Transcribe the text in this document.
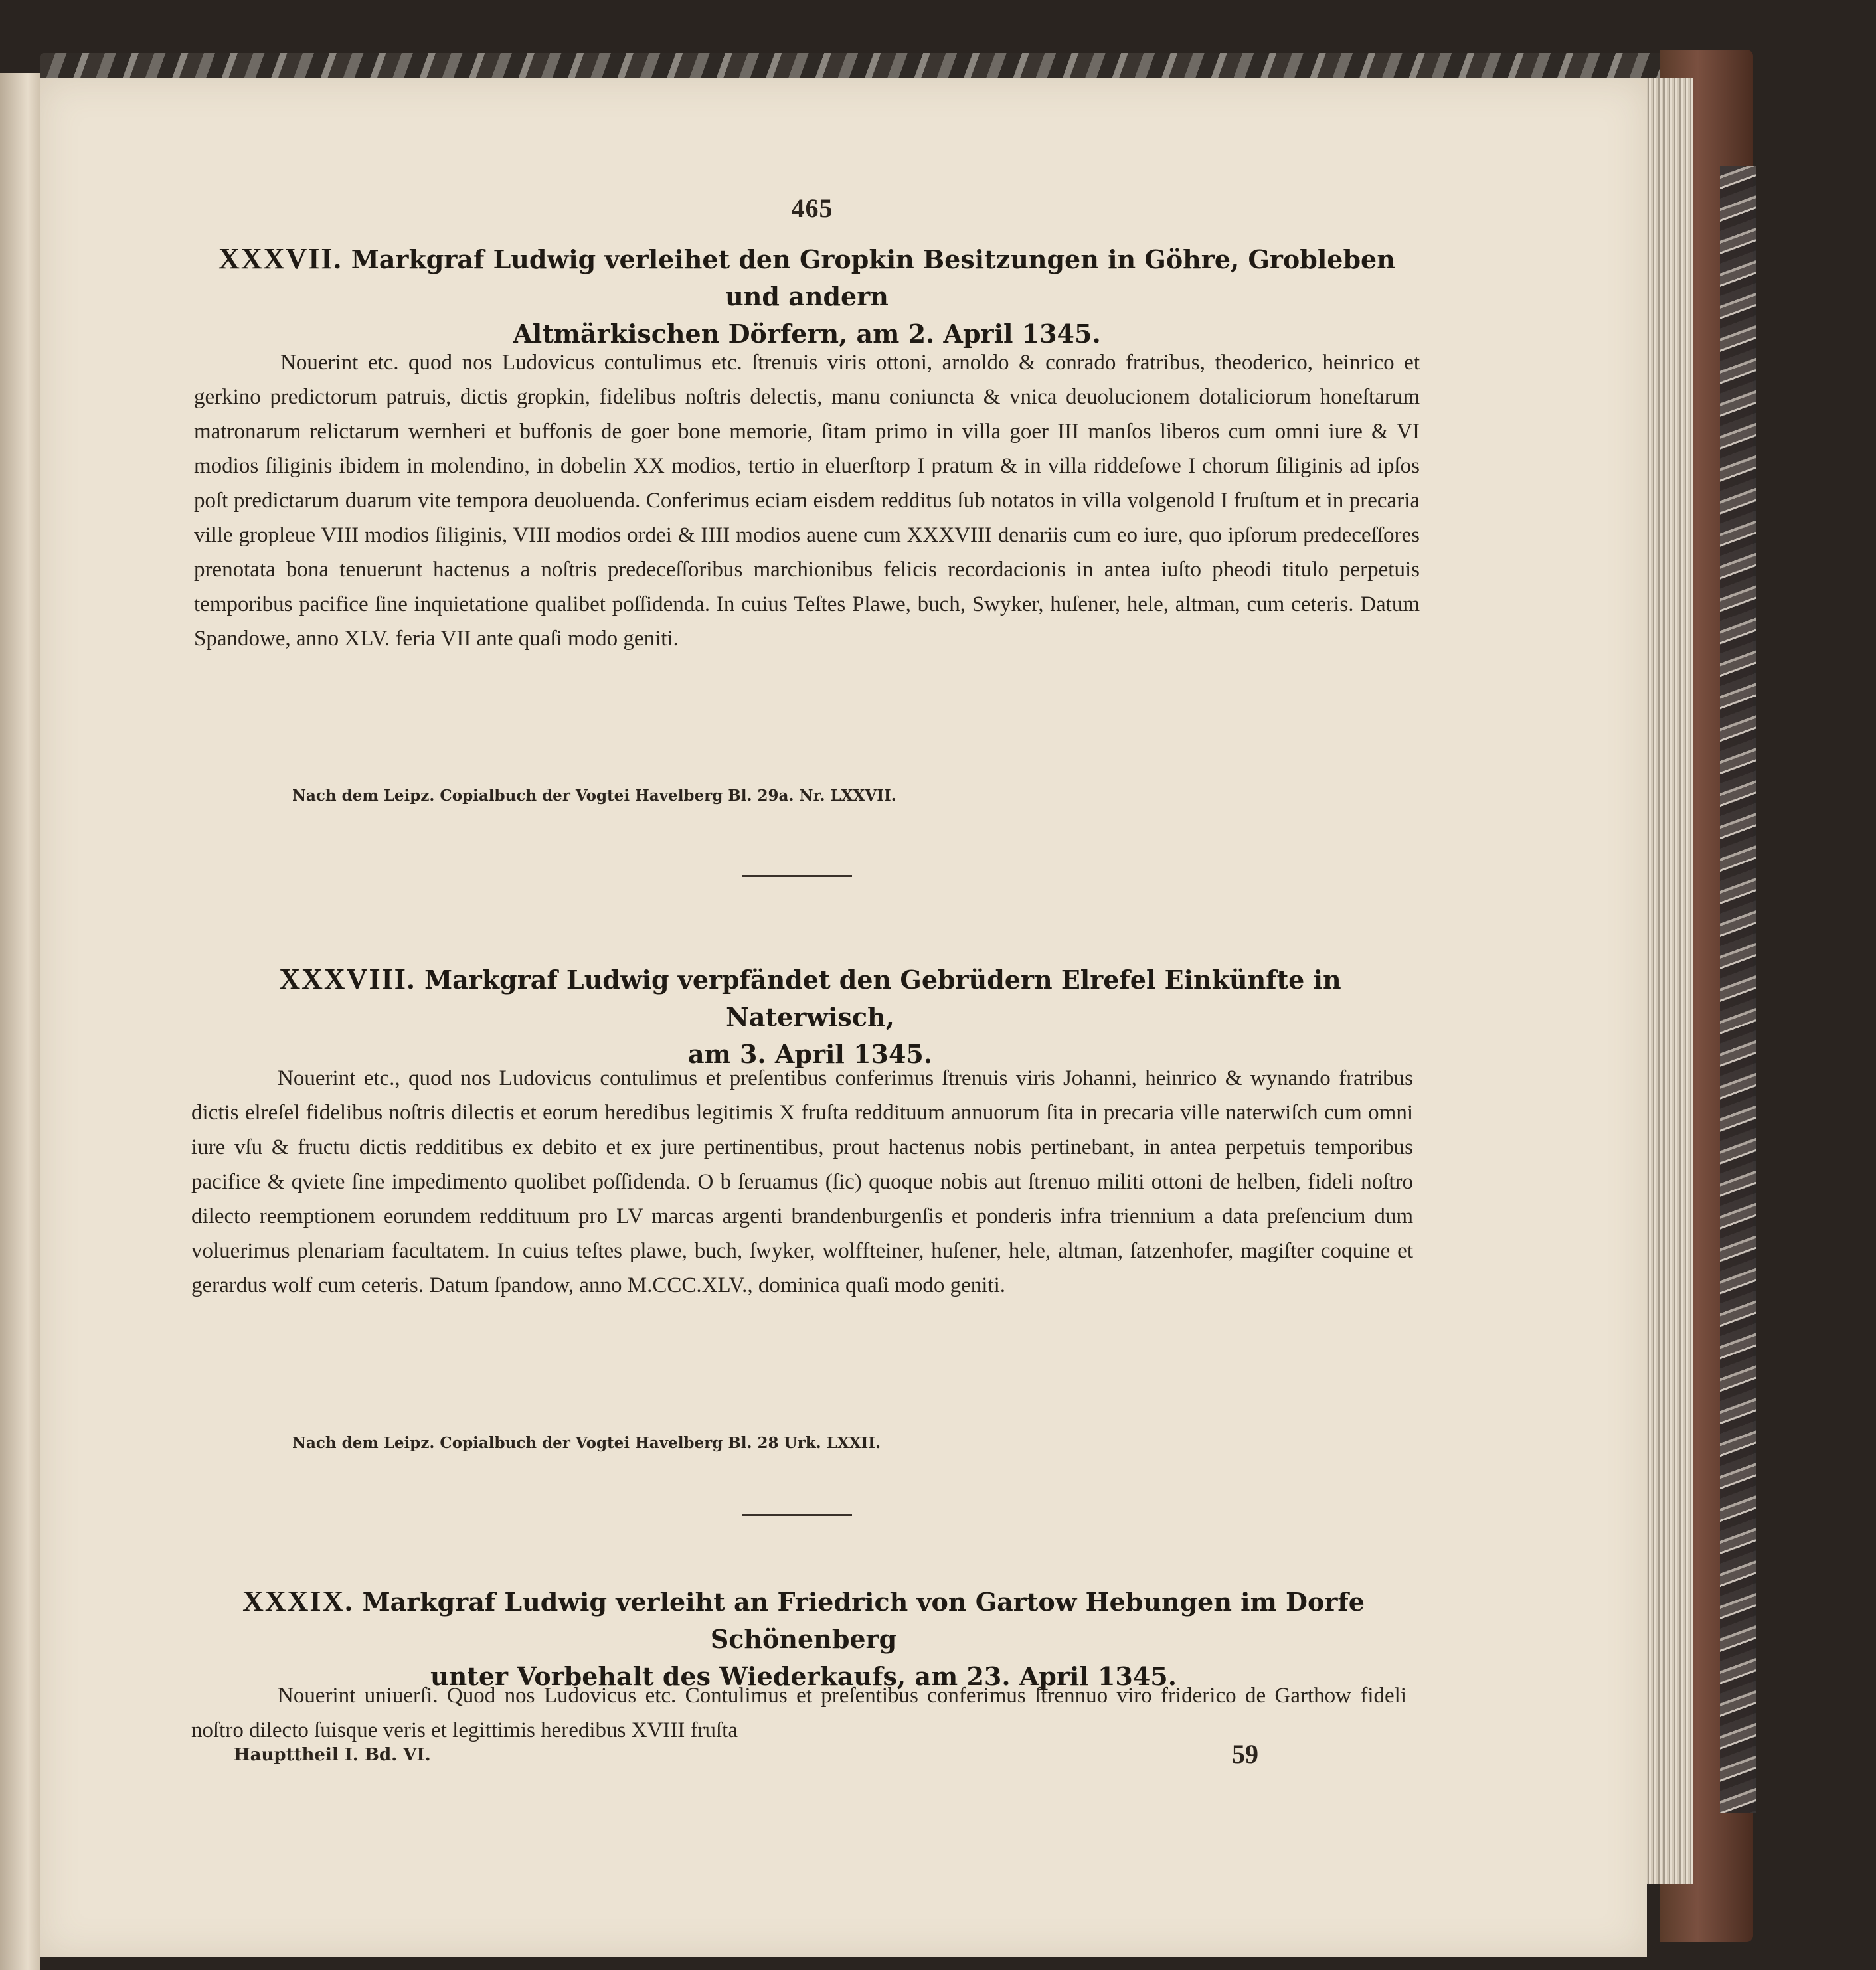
465
XXXVII. Markgraf Ludwig verleihet den Gropkin Besitzungen in Göhre, Grobleben und andern
Altmärkischen Dörfern, am 2. April 1345.
Nouerint etc. quod nos Ludovicus contulimus etc. ſtrenuis viris ottoni, arnoldo & conrado fratribus, theoderico, heinrico et gerkino predictorum patruis, dictis gropkin, fidelibus noſtris delectis, manu coniuncta & vnica deuolucionem dotaliciorum honeſtarum matronarum relictarum wernheri et buffonis de goer bone memorie, ſitam primo in villa goer III manſos liberos cum omni iure & VI modios ſiliginis ibidem in molendino, in dobelin XX modios, tertio in eluerſtorp I pratum & in villa riddeſowe I chorum ſiliginis ad ipſos poſt predictarum duarum vite tempora deuoluenda. Conferimus eciam eisdem redditus ſub notatos in villa volgenold I fruſtum et in precaria ville gropleue VIII modios ſiliginis, VIII modios ordei & IIII modios auene cum XXXVIII denariis cum eo iure, quo ipſorum predeceſſores prenotata bona tenuerunt hactenus a noſtris predeceſſoribus marchionibus felicis recordacionis in antea iuſto pheodi titulo perpetuis temporibus pacifice ſine inquietatione qualibet poſſidenda. In cuius Teſtes Plawe, buch, Swyker, huſener, hele, altman, cum ceteris. Datum Spandowe, anno XLV. feria VII ante quaſi modo geniti.
Nach dem Leipz. Copialbuch der Vogtei Havelberg Bl. 29a. Nr. LXXVII.
XXXVIII. Markgraf Ludwig verpfändet den Gebrüdern Elrefel Einkünfte in Naterwisch,
am 3. April 1345.
Nouerint etc., quod nos Ludovicus contulimus et preſentibus conferimus ſtrenuis viris Johanni, heinrico & wynando fratribus dictis elreſel fidelibus noſtris dilectis et eorum heredibus legitimis X fruſta reddituum annuorum ſita in precaria ville naterwiſch cum omni iure vſu & fructu dictis redditibus ex debito et ex jure pertinentibus, prout hactenus nobis pertinebant, in antea perpetuis temporibus pacifice & qviete ſine impedimento quolibet poſſidenda. O b ſeruamus (ſic) quoque nobis aut ſtrenuo militi ottoni de helben, fideli noſtro dilecto reemptionem eorundem reddituum pro LV marcas argenti brandenburgenſis et ponderis infra triennium a data preſencium dum voluerimus plenariam facultatem. In cuius teſtes plawe, buch, ſwyker, wolffteiner, huſener, hele, altman, ſatzenhofer, magiſter coquine et gerardus wolf cum ceteris. Datum ſpandow, anno M.CCC.XLV., dominica quaſi modo geniti.
Nach dem Leipz. Copialbuch der Vogtei Havelberg Bl. 28 Urk. LXXII.
XXXIX. Markgraf Ludwig verleiht an Friedrich von Gartow Hebungen im Dorfe Schönenberg
unter Vorbehalt des Wiederkaufs, am 23. April 1345.
Nouerint uniuerſi. Quod nos Ludovicus etc. Contulimus et preſentibus conferimus ſtrennuo viro friderico de Garthow fideli noſtro dilecto ſuisque veris et legittimis heredibus XVIII fruſta
Haupttheil I. Bd. VI.	59
